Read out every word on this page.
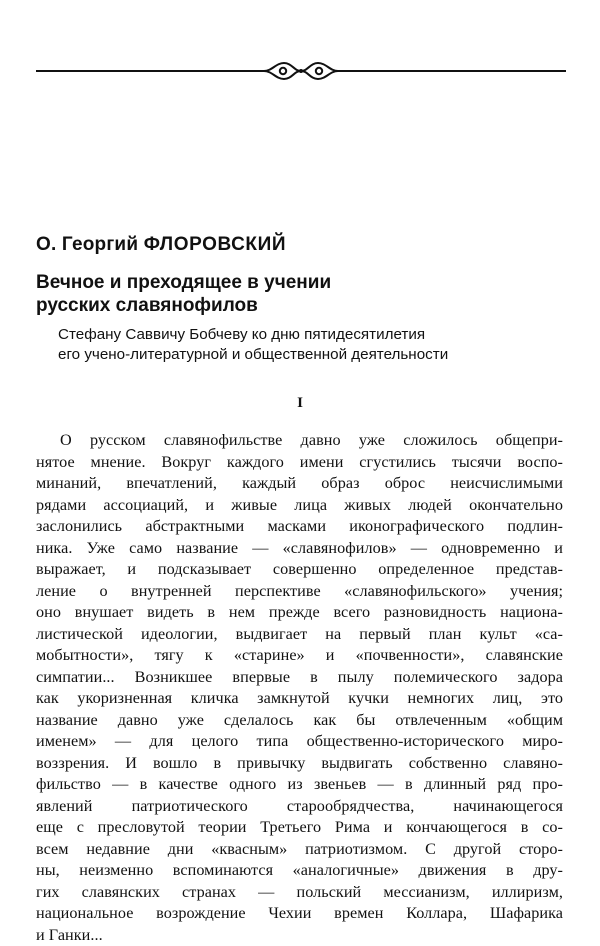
О. Георгий ФЛОРОВСКИЙ
Вечное и преходящее в учении
русских славянофилов
Стефану Саввичу Бобчеву ко дню пятидесятилетия
его учено-литературной и общественной деятельности
I
О русском славянофильстве давно уже сложилось общепри-
нятое мнение. Вокруг каждого имени сгустились тысячи воспо-
минаний, впечатлений, каждый образ оброс неисчислимыми
рядами ассоциаций, и живые лица живых людей окончательно
заслонились абстрактными масками иконографического подлин-
ника. Уже само название — «славянофилов» — одновременно и
выражает, и подсказывает совершенно определенное представ-
ление о внутренней перспективе «славянофильского» учения;
оно внушает видеть в нем прежде всего разновидность национа-
листической идеологии, выдвигает на первый план культ «са-
мобытности», тягу к «старине» и «почвенности», славянские
симпатии... Возникшее впервые в пылу полемического задора
как укоризненная кличка замкнутой кучки немногих лиц, это
название давно уже сделалось как бы отвлеченным «общим
именем» — для целого типа общественно-исторического миро-
воззрения. И вошло в привычку выдвигать собственно славяно-
фильство — в качестве одного из звеньев — в длинный ряд про-
явлений патриотического старообрядчества, начинающегося
еще с пресловутой теории Третьего Рима и кончающегося в со-
всем недавние дни «квасным» патриотизмом. С другой сторо-
ны, неизменно вспоминаются «аналогичные» движения в дру-
гих славянских странах — польский мессианизм, иллиризм,
национальное возрождение Чехии времен Коллара, Шафарика
и Ганки...
